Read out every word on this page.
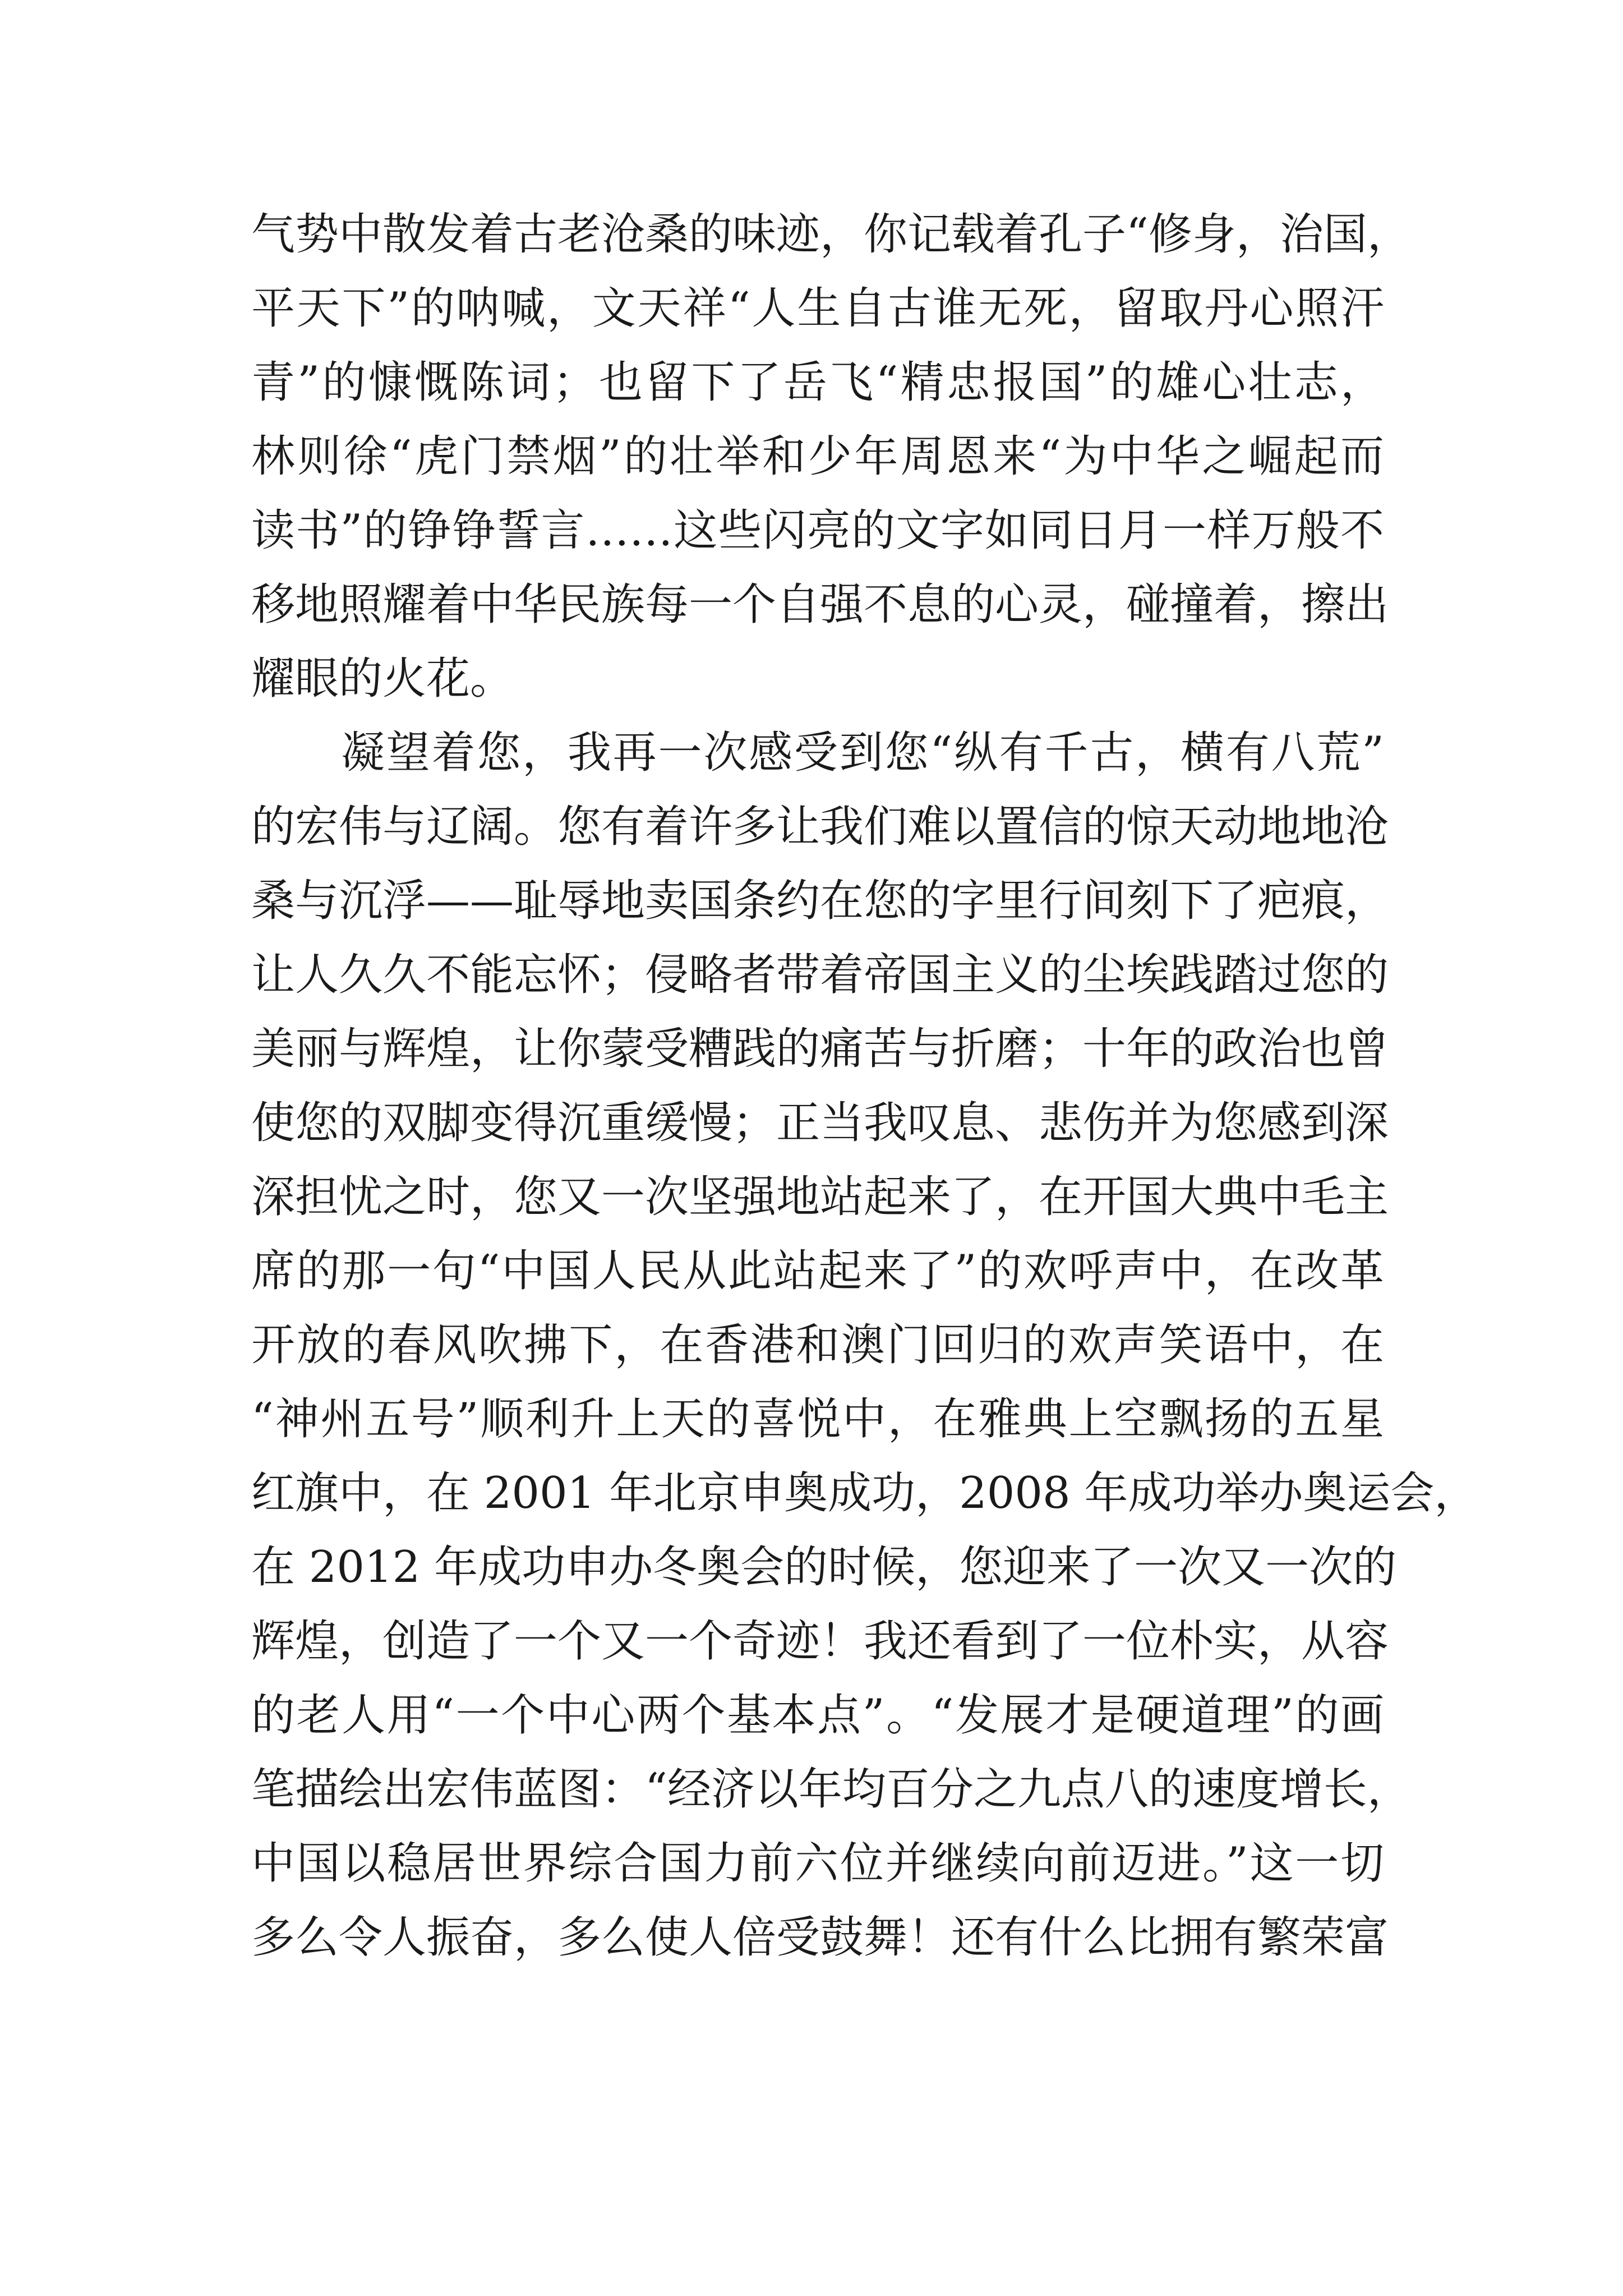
气势中散发着古老沧桑的味迹，你记载着孔子“修身，治国，
平天下”的呐喊，文天祥“人生自古谁无死，留取丹心照汗
青”的慷慨陈词；也留下了岳飞“精忠报国”的雄心壮志，
林则徐“虎门禁烟”的壮举和少年周恩来“为中华之崛起而
读书”的铮铮誓言……这些闪亮的文字如同日月一样万般不
移地照耀着中华民族每一个自强不息的心灵，碰撞着，擦出
耀眼的火花。
凝望着您，我再一次感受到您“纵有千古，横有八荒”
的宏伟与辽阔。您有着许多让我们难以置信的惊天动地地沧
桑与沉浮——耻辱地卖国条约在您的字里行间刻下了疤痕，
让人久久不能忘怀；侵略者带着帝国主义的尘埃践踏过您的
美丽与辉煌，让你蒙受糟践的痛苦与折磨；十年的政治也曾
使您的双脚变得沉重缓慢；正当我叹息、悲伤并为您感到深
深担忧之时，您又一次坚强地站起来了，在开国大典中毛主
席的那一句“中国人民从此站起来了”的欢呼声中，在改革
开放的春风吹拂下，在香港和澳门回归的欢声笑语中，在
“神州五号”顺利升上天的喜悦中，在雅典上空飘扬的五星
红旗中，在 2001 年北京申奥成功，2008 年成功举办奥运会，
在 2012 年成功申办冬奥会的时候，您迎来了一次又一次的
辉煌，创造了一个又一个奇迹！我还看到了一位朴实，从容
的老人用“一个中心两个基本点”。“发展才是硬道理”的画
笔描绘出宏伟蓝图：“经济以年均百分之九点八的速度增长，
中国以稳居世界综合国力前六位并继续向前迈进。”这一切
多么令人振奋，多么使人倍受鼓舞！还有什么比拥有繁荣富
